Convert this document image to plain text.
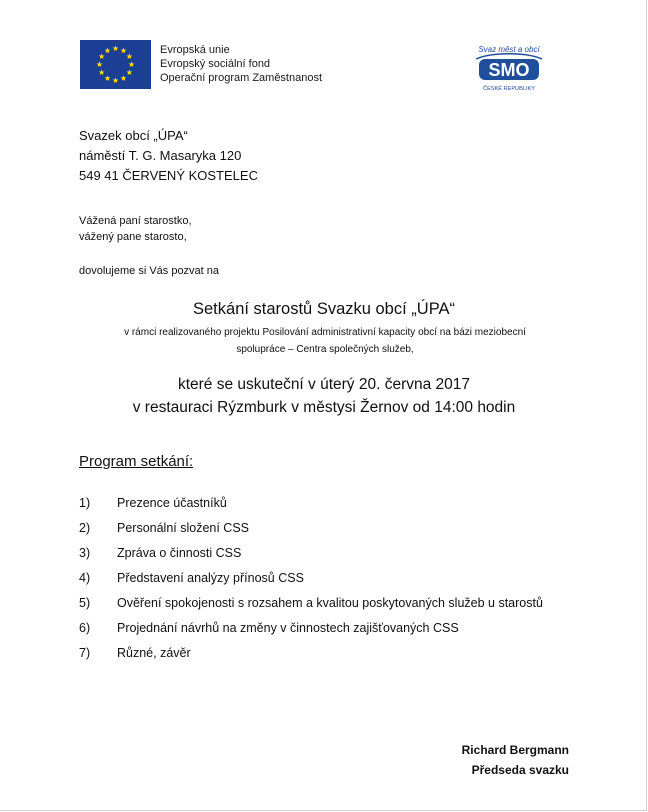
Evropská unie
Evropský sociální fond
Operační program Zaměstnanost
Svaz měst a obcí
SMO
ČESKÉ REPUBLIKY
Svazek obcí „ÚPA“
náměstí T. G. Masaryka 120
549 41 ČERVENÝ KOSTELEC
Vážená paní starostko,
vážený pane starosto,
dovolujeme si Vás pozvat na
Setkání starostů Svazku obcí „ÚPA“
v rámci realizovaného projektu Posilování administrativní kapacity obcí na bázi meziobecní
spolupráce – Centra společných služeb,
které se uskuteční v úterý 20. června 2017
v restauraci Rýzmburk v městysi Žernov od 14:00 hodin
Program setkání:
1) Prezence účastníků
2) Personální složení CSS
3) Zpráva o činnosti CSS
4) Představení analýzy přínosů CSS
5) Ověření spokojenosti s rozsahem a kvalitou poskytovaných služeb u starostů
6) Projednání návrhů na změny v činnostech zajišťovaných CSS
7) Různé, závěr
Richard Bergmann
Předseda svazku
